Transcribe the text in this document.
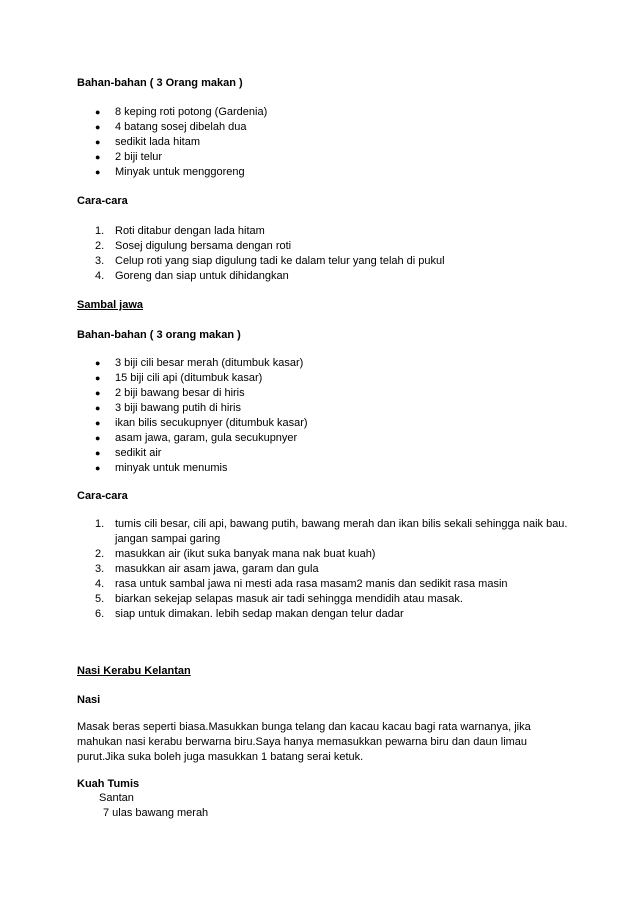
Bahan-bahan ( 3 Orang makan )
● 8 keping roti potong (Gardenia)
● 4 batang sosej dibelah dua
● sedikit lada hitam
● 2 biji telur
● Minyak untuk menggoreng
Cara-cara
1. Roti ditabur dengan lada hitam
2. Sosej digulung bersama dengan roti
3. Celup roti yang siap digulung tadi ke dalam telur yang telah di pukul
4. Goreng dan siap untuk dihidangkan
Sambal jawa
Bahan-bahan ( 3 orang makan )
● 3 biji cili besar merah (ditumbuk kasar)
● 15 biji cili api (ditumbuk kasar)
● 2 biji bawang besar di hiris
● 3 biji bawang putih di hiris
● ikan bilis secukupnyer (ditumbuk kasar)
● asam jawa, garam, gula secukupnyer
● sedikit air
● minyak untuk menumis
Cara-cara
1. tumis cili besar, cili api, bawang putih, bawang merah dan ikan bilis sekali sehingga naik bau.
jangan sampai garing
2. masukkan air (ikut suka banyak mana nak buat kuah)
3. masukkan air asam jawa, garam dan gula
4. rasa untuk sambal jawa ni mesti ada rasa masam2 manis dan sedikit rasa masin
5. biarkan sekejap selapas masuk air tadi sehingga mendidih atau masak.
6. siap untuk dimakan. lebih sedap makan dengan telur dadar
Nasi Kerabu Kelantan
Nasi
Masak beras seperti biasa.Masukkan bunga telang dan kacau kacau bagi rata warnanya, jika
mahukan nasi kerabu berwarna biru.Saya hanya memasukkan pewarna biru dan daun limau
purut.Jika suka boleh juga masukkan 1 batang serai ketuk.
Kuah Tumis
Santan
7 ulas bawang merah
